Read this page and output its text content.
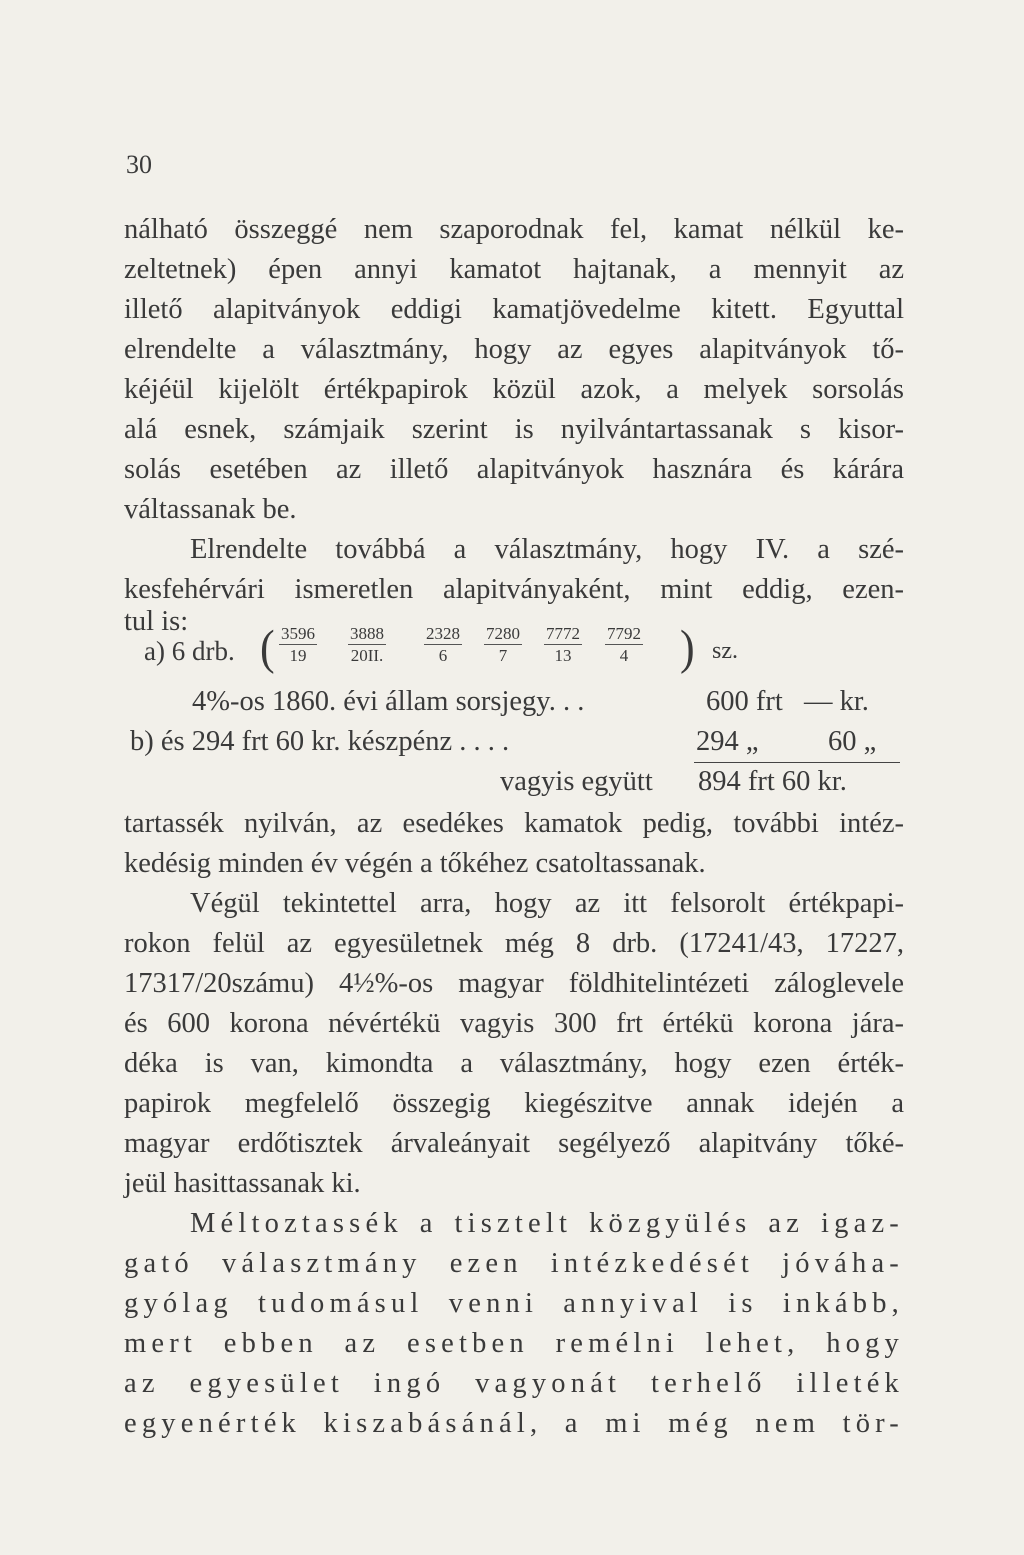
30
nálható összeggé nem szaporodnak fel, kamat nélkül ke-
zeltetnek) épen annyi kamatot hajtanak, a mennyit az
illető alapitványok eddigi kamatjövedelme kitett. Egyuttal
elrendelte a választmány, hogy az egyes alapitványok tő-
kéjéül kijelölt értékpapirok közül azok, a melyek sorsolás
alá esnek, számjaik szerint is nyilvántartassanak s kisor-
solás esetében az illető alapitványok hasznára és kárára
váltassanak be.
Elrendelte továbbá a választmány, hogy IV. a szé-
kesfehérvári ismeretlen alapitványaként, mint eddig, ezen-
tul is:
a) 6 drb. ( $\frac{3596}{19} \frac{3888}{20II.} \frac{2328}{6} \frac{7280}{7} \frac{7772}{13} \frac{7792}{4}$ ) sz.
4%-os 1860. évi állam sorsjegy. . .	600 frt — kr.
b) és 294 frt 60 kr. készpénz . . . .	294 „ 60 „
vagyis együtt 894 frt 60 kr.
tartassék nyilván, az esedékes kamatok pedig, további intéz-
kedésig minden év végén a tőkéhez csatoltassanak.
Végül tekintettel arra, hogy az itt felsorolt értékpapi-
rokon felül az egyesületnek még 8 drb. (17241/43, 17227,
17317/20számu) 4½%-os magyar földhitelintézeti záloglevele
és 600 korona névértékü vagyis 300 frt értékü korona jára-
déka is van, kimondta a választmány, hogy ezen érték-
papirok megfelelő összegig kiegészitve annak idején a
magyar erdőtisztek árvaleányait segélyező alapitvány tőké-
jeül hasittassanak ki.
Méltoztassék a tisztelt közgyülés az igaz-
gató választmány ezen intézkedését jóváha-
gyólag tudomásul venni annyival is inkább,
mert ebben az esetben remélni lehet, hogy
az egyesület ingó vagyonát terhelő illeték
egyenérték kiszabásánál, a mi még nem tör-
